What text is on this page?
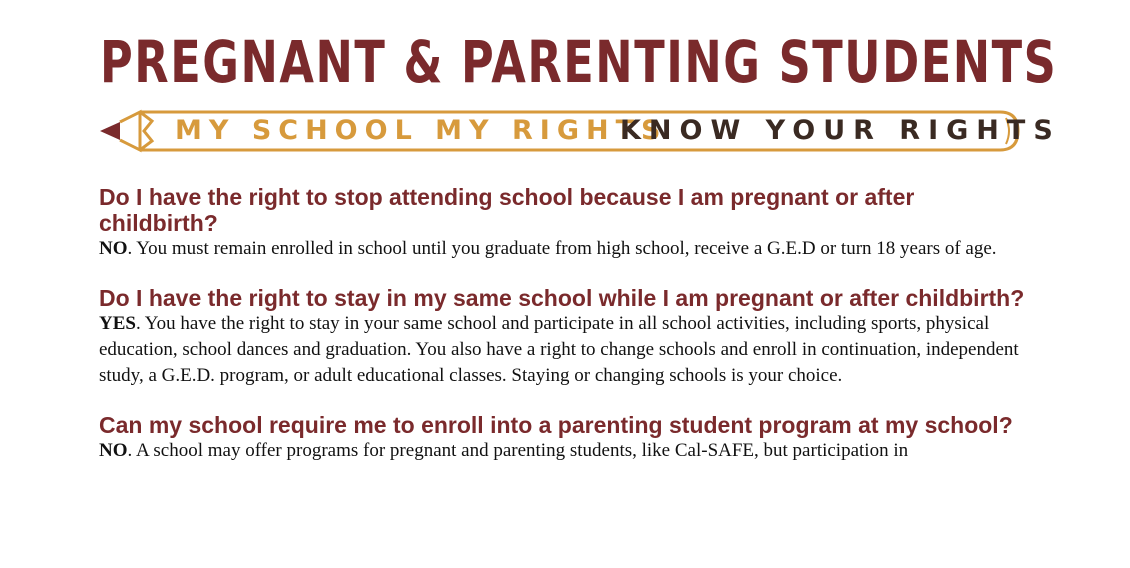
PREGNANT & PARENTING STUDENTS
MY SCHOOL MY RIGHTS
KNOW YOUR RIGHTS

Do I have the right to stop attending school because I am pregnant or after childbirth?

NO. You must remain enrolled in school until you graduate from high school, receive a G.E.D or turn 18 years of age.

Do I have the right to stay in my same school while I am pregnant or after childbirth?

YES. You have the right to stay in your same school and participate in all school activities, including sports, physical education, school dances and graduation. You also have a right to change schools and enroll in continuation, independent study, a G.E.D. program, or adult educational classes. Staying or changing schools is your choice.

Can my school require me to enroll into a parenting student program at my school?

NO. A school may offer programs for pregnant and parenting students, like Cal-SAFE, but participation in
